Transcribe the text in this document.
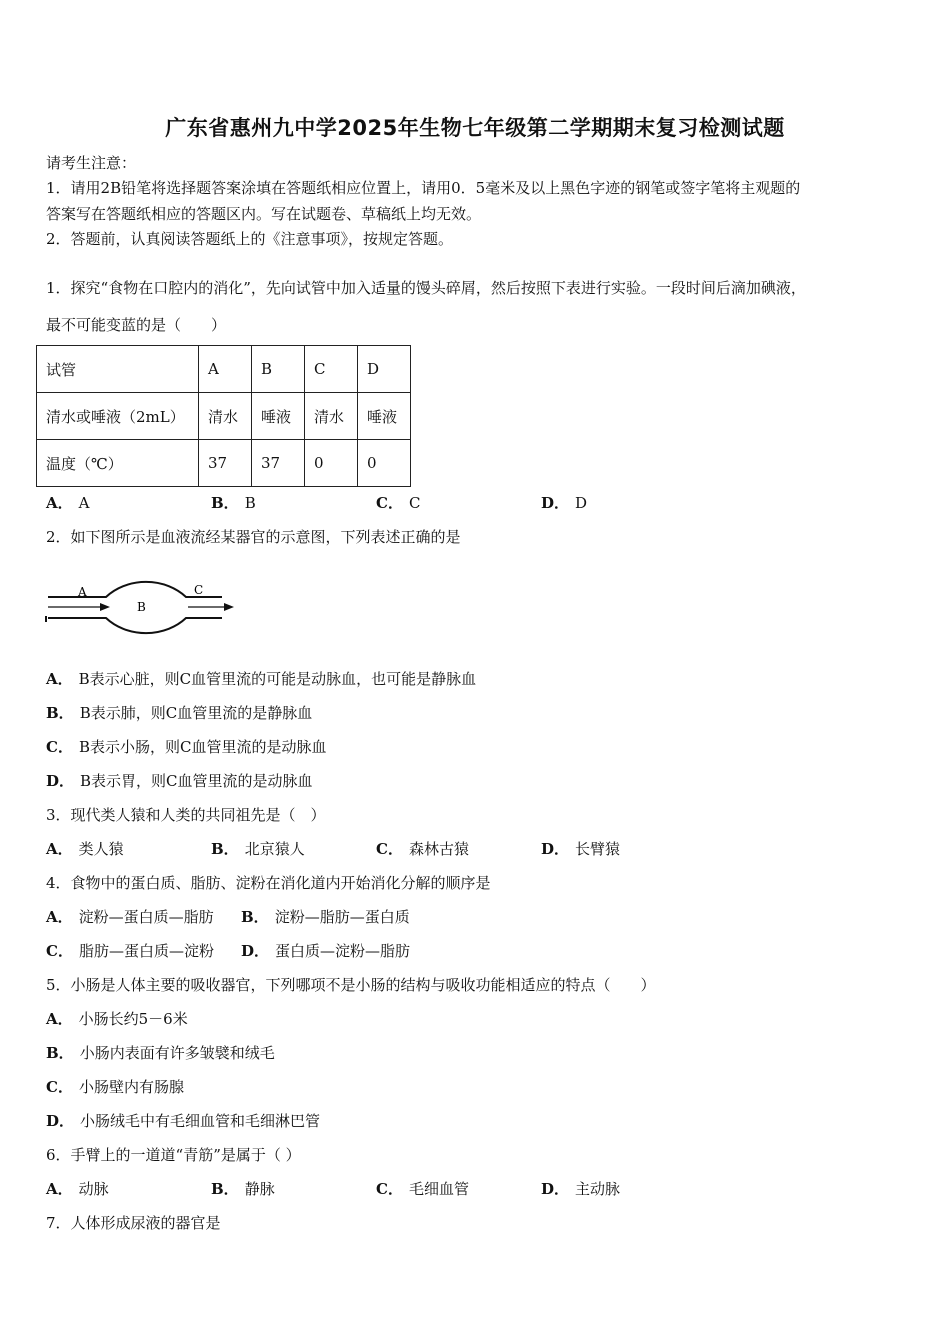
广东省惠州九中学2025年生物七年级第二学期期末复习检测试题
请考生注意：
1．请用2B铅笔将选择题答案涂填在答题纸相应位置上，请用0．5毫米及以上黑色字迹的钢笔或签字笔将主观题的
答案写在答题纸相应的答题区内。写在试题卷、草稿纸上均无效。
2．答题前，认真阅读答题纸上的《注意事项》，按规定答题。
1．探究“食物在口腔内的消化”，先向试管中加入适量的馒头碎屑，然后按照下表进行实验。一段时间后滴加碘液，
最不可能变蓝的是（　　）
试管	A	B	C	D
清水或唾液（2mL）	清水	唾液	清水	唾液
温度（℃）	37	37	0	0
A． A	B． B	C． C	D． D
2．如下图所示是血液流经某器官的示意图，下列表述正确的是
A
B
C
A． B表示心脏，则C血管里流的可能是动脉血，也可能是静脉血
B． B表示肺，则C血管里流的是静脉血
C． B表示小肠，则C血管里流的是动脉血
D． B表示胃，则C血管里流的是动脉血
3．现代类人猿和人类的共同祖先是（　）
A． 类人猿	B． 北京猿人	C． 森林古猿	D． 长臂猿
4．食物中的蛋白质、脂肪、淀粉在消化道内开始消化分解的顺序是
A． 淀粉—蛋白质—脂肪 B． 淀粉—脂肪—蛋白质
C． 脂肪—蛋白质—淀粉 D． 蛋白质—淀粉—脂肪
5．小肠是人体主要的吸收器官，下列哪项不是小肠的结构与吸收功能相适应的特点（　　）
A． 小肠长约5－6米
B． 小肠内表面有许多皱襞和绒毛
C． 小肠壁内有肠腺
D． 小肠绒毛中有毛细血管和毛细淋巴管
6．手臂上的一道道“青筋”是属于（ ）
A． 动脉	B． 静脉	C． 毛细血管	D． 主动脉
7．人体形成尿液的器官是
